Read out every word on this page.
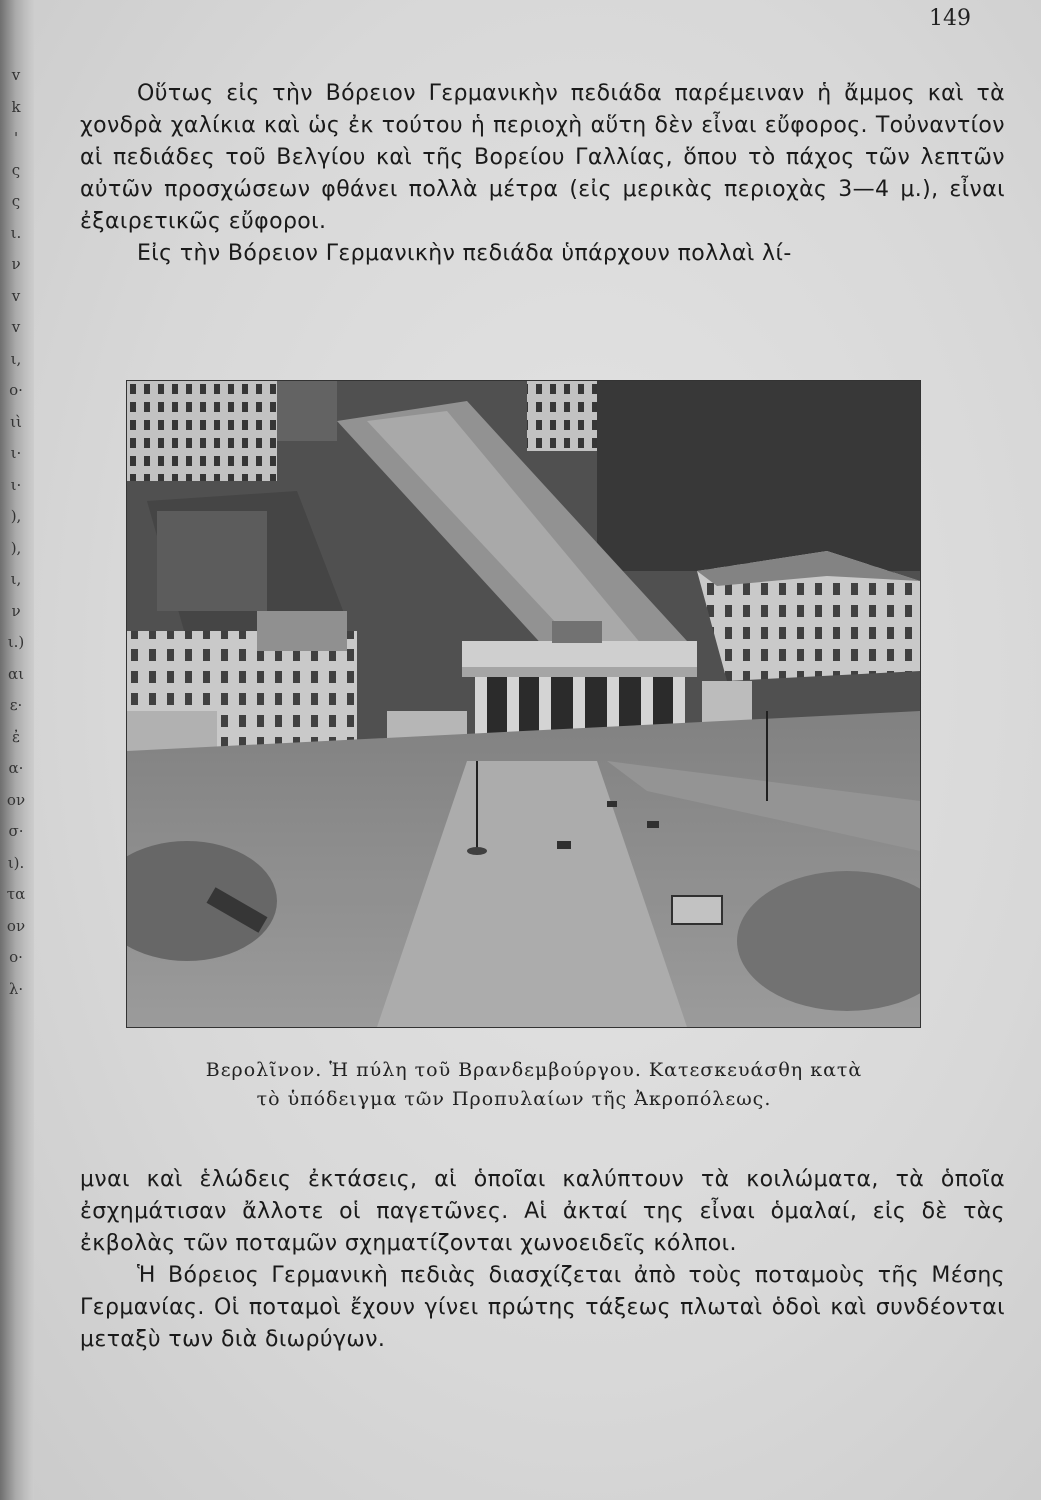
v
k
'
ς
ς
ι.
ν
v
v
ι,
ο·
ιὶ
ι·
ι·
),
),
ι,
ν
ι.)
αι
ε·
ἐ
α·
ον
σ·
ι).
τα
ον
ο·
λ·
149

Οὕτως εἰς τὴν Βόρειον Γερμανικὴν πεδιάδα παρέμειναν ἡ ἄμμος καὶ τὰ χονδρὰ χαλίκια καὶ ὡς ἐκ τούτου ἡ περιοχὴ αὕτη δὲν εἶναι εὔφορος. Τοὐναντίον αἱ πεδιάδες τοῦ Βελγίου καὶ τῆς Βορείου Γαλλίας, ὅπου τὸ πάχος τῶν λεπτῶν αὐτῶν προσχώσεων φθάνει πολλὰ μέτρα (εἰς μερικὰς περιοχὰς 3—4 μ.), εἶναι ἐξαιρετικῶς εὔφοροι.

Εἰς τὴν Βόρειον Γερμανικὴν πεδιάδα ὑπάρχουν πολλαὶ λί-

Βερολῖνον. Ἡ πύλη τοῦ Βρανδεμβούργου. Κατεσκευάσθη κατὰ

τὸ ὑπόδειγμα τῶν Προπυλαίων τῆς Ἀκροπόλεως.

μναι καὶ ἑλώδεις ἐκτάσεις, αἱ ὁποῖαι καλύπτουν τὰ κοιλώματα, τὰ ὁποῖα ἐσχημάτισαν ἄλλοτε οἱ παγετῶνες. Αἱ ἀκταί της εἶναι ὁμαλαί, εἰς δὲ τὰς ἐκβολὰς τῶν ποταμῶν σχηματίζονται χωνοειδεῖς κόλποι.

Ἡ Βόρειος Γερμανικὴ πεδιὰς διασχίζεται ἀπὸ τοὺς ποταμοὺς τῆς Μέσης Γερμανίας. Οἱ ποταμοὶ ἔχουν γίνει πρώτης τάξεως πλωταὶ ὁδοὶ καὶ συνδέονται μεταξὺ των διὰ διωρύγων.
